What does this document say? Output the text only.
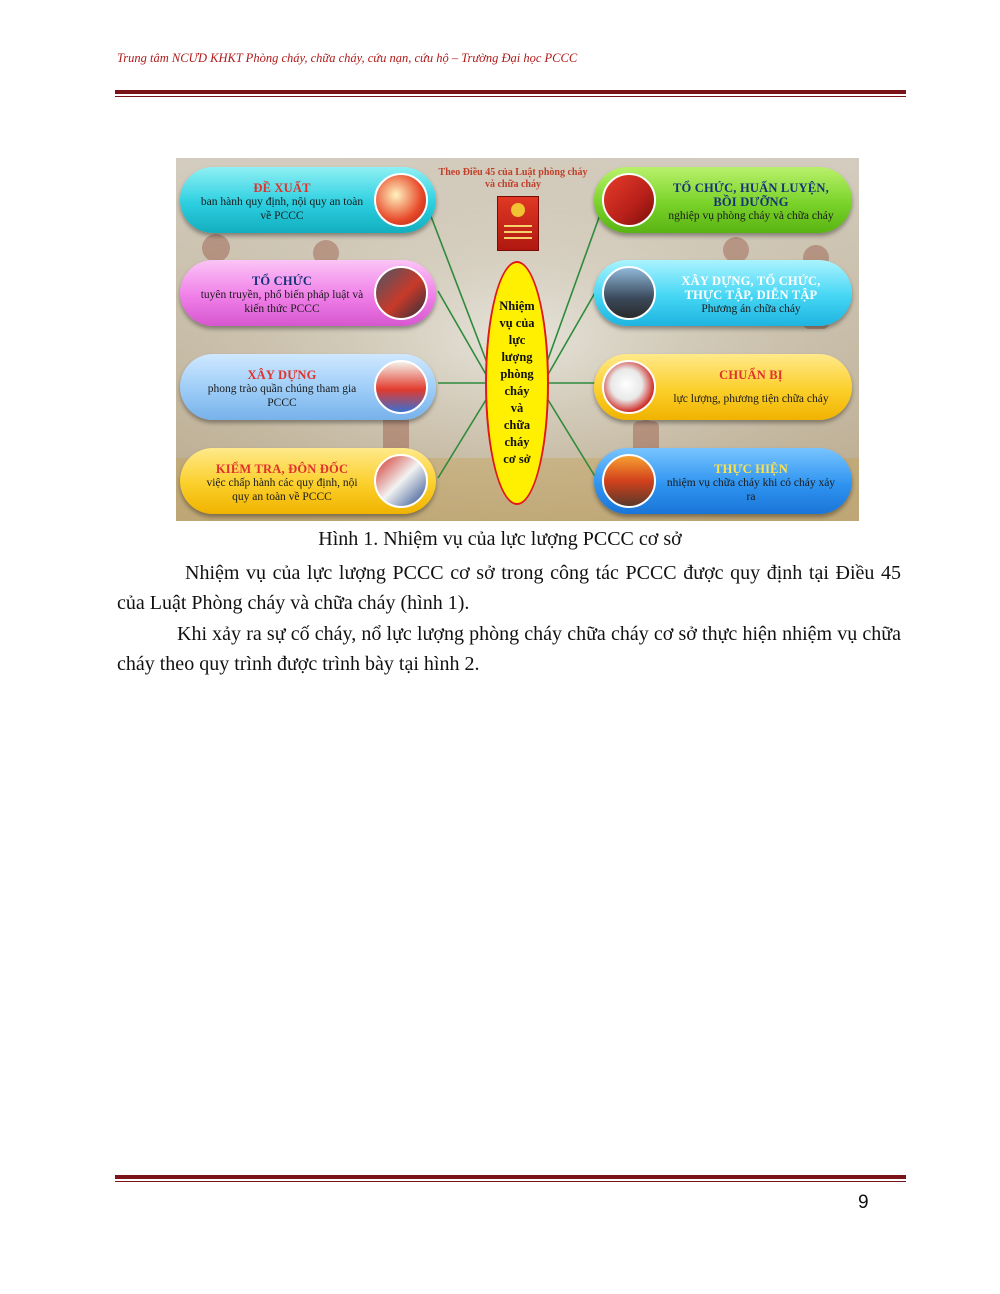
Trung tâm NCƯD KHKT Phòng cháy, chữa cháy, cứu nạn, cứu hộ – Trường Đại học PCCC
Theo Điều 45 của Luật phòng cháy và chữa cháy
Nhiệm
vụ của
lực
lượng
phòng
cháy
và
chữa
cháy
cơ sở
ĐỀ XUẤT
ban hành quy định, nội quy an toàn về PCCC
TỔ CHỨC
tuyên truyền, phổ biến pháp luật và kiến thức PCCC
XÂY DỰNG
phong trào quần chúng tham gia PCCC
KIỂM TRA, ĐÔN ĐỐC
việc chấp hành các quy định, nội quy an toàn về PCCC
TỔ CHỨC, HUẤN LUYỆN, BỒI DƯỠNG
nghiệp vụ phòng cháy và chữa cháy
XÂY DỰNG, TỔ CHỨC, THỰC TẬP, DIỄN TẬP
Phương án chữa cháy
CHUẨN BỊ
lực lượng, phương tiện chữa cháy
THỰC HIỆN
nhiệm vụ chữa cháy khi có cháy xảy ra
Hình 1. Nhiệm vụ của lực lượng PCCC cơ sở
Nhiệm vụ của lực lượng PCCC cơ sở trong công tác PCCC được quy định tại Điều 45 của Luật Phòng cháy và chữa cháy (hình 1).
Khi xảy ra sự cố cháy, nổ lực lượng phòng cháy chữa cháy cơ sở thực hiện nhiệm vụ chữa cháy theo quy trình được trình bày tại hình 2.
9
